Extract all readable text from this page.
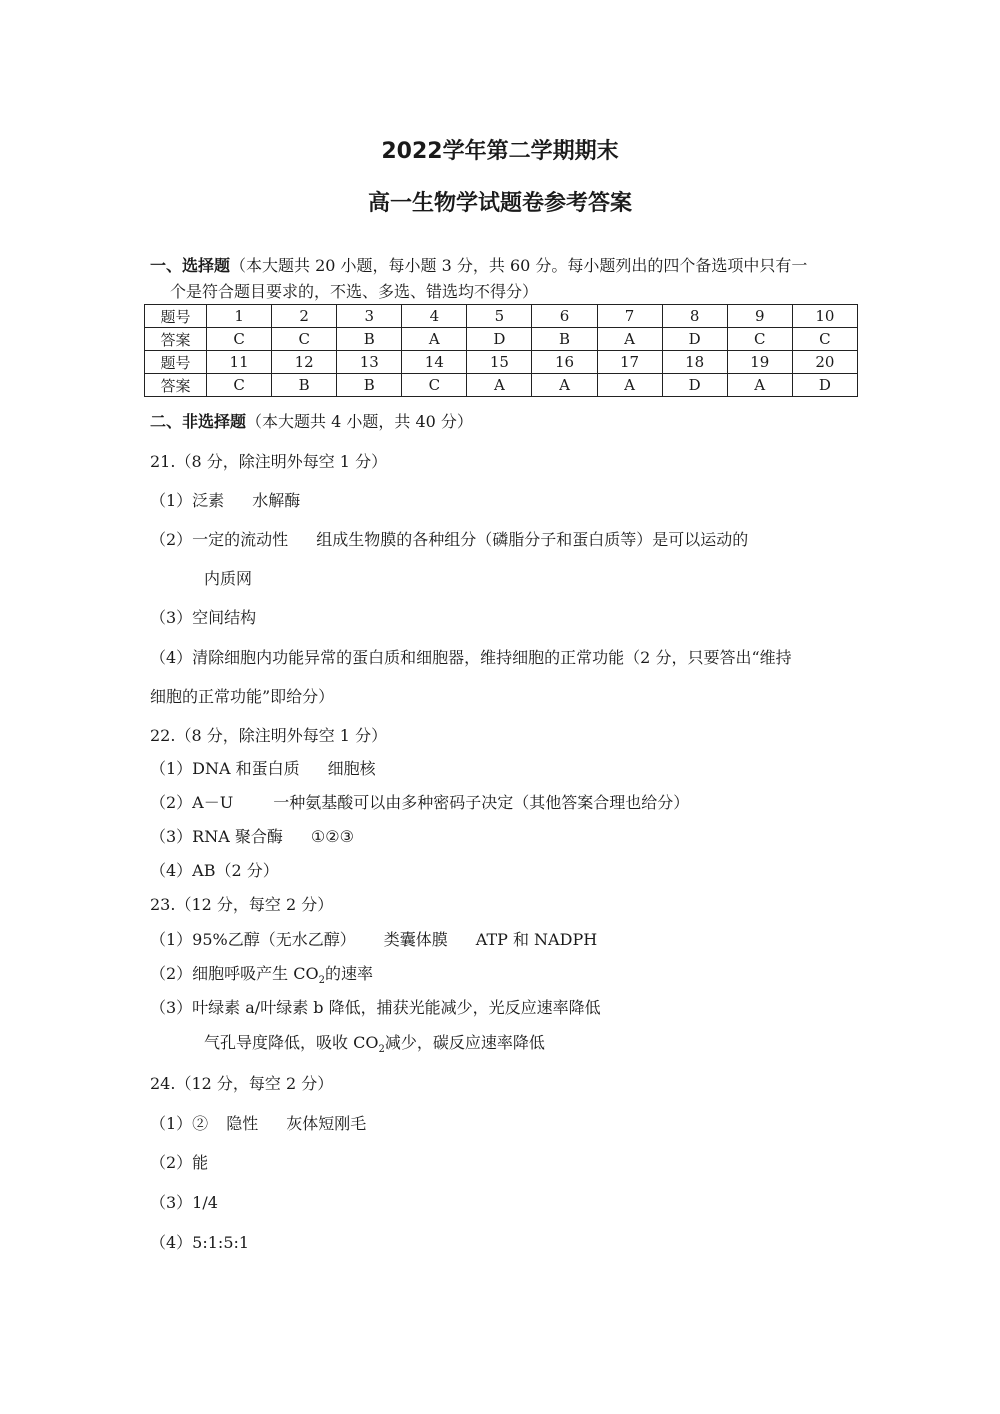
2022学年第二学期期末
高一生物学试题卷参考答案
一、选择题（本大题共 20 小题，每小题 3 分，共 60 分。每小题列出的四个备选项中只有一
个是符合题目要求的，不选、多选、错选均不得分）
题号	1	2	3	4	5	6	7	8	9	10
答案	C	C	B	A	D	B	A	D	C	C
题号	11	12	13	14	15	16	17	18	19	20
答案	C	B	B	C	A	A	A	D	A	D
二、非选择题（本大题共 4 小题，共 40 分）
21.（8 分，除注明外每空 1 分）
（1）泛素 水解酶
（2）一定的流动性 组成生物膜的各种组分（磷脂分子和蛋白质等）是可以运动的
内质网
（3）空间结构
（4）清除细胞内功能异常的蛋白质和细胞器，维持细胞的正常功能（2 分，只要答出“维持
细胞的正常功能”即给分）
22.（8 分，除注明外每空 1 分）
（1）DNA 和蛋白质 细胞核
（2）A－U	一种氨基酸可以由多种密码子决定（其他答案合理也给分）
（3）RNA 聚合酶 ①②③
（4）AB（2 分）
23.（12 分，每空 2 分）
（1）95%乙醇（无水乙醇） 类囊体膜 ATP 和 NADPH
（2）细胞呼吸产生 $CO_2$的速率
（3）叶绿素 a/叶绿素 b 降低，捕获光能减少，光反应速率降低
气孔导度降低，吸收 $CO_2$减少，碳反应速率降低
24.（12 分，每空 2 分）
（1）② 隐性 灰体短刚毛
（2）能
（3）1/4
（4）5:1:5:1
